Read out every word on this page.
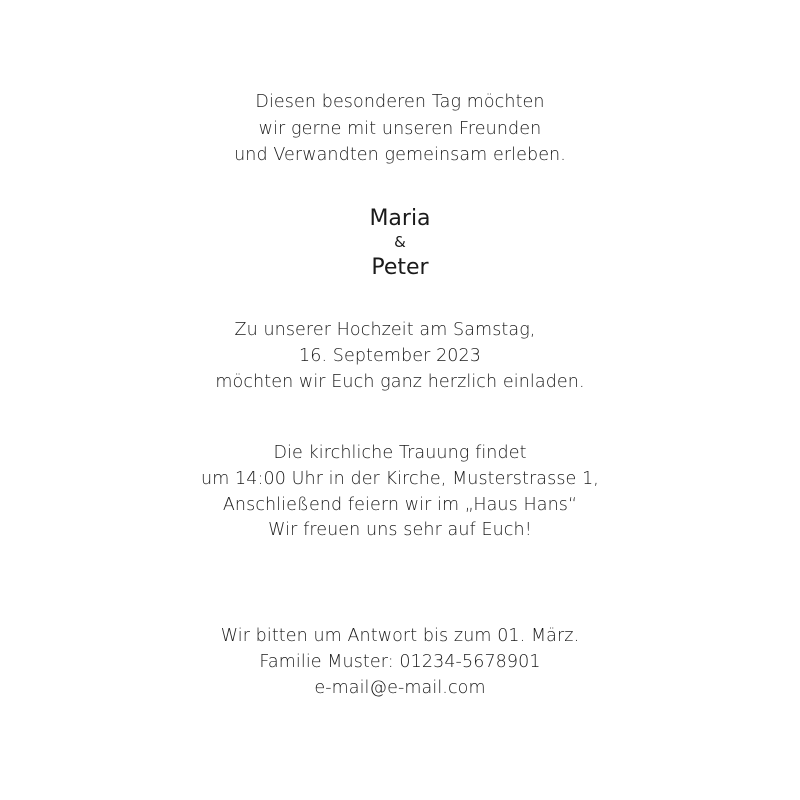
Diesen besonderen Tag möchten
wir gerne mit unseren Freunden
und Verwandten gemeinsam erleben.
Maria
&
Peter
Zu unserer Hochzeit am Samstag,
16. September 2023
möchten wir Euch ganz herzlich einladen.
Die kirchliche Trauung findet
um 14:00 Uhr in der Kirche, Musterstrasse 1,
Anschließend feiern wir im „Haus Hans“
Wir freuen uns sehr auf Euch!
Wir bitten um Antwort bis zum 01. März.
Familie Muster: 01234-5678901
e-mail@e-mail.com
